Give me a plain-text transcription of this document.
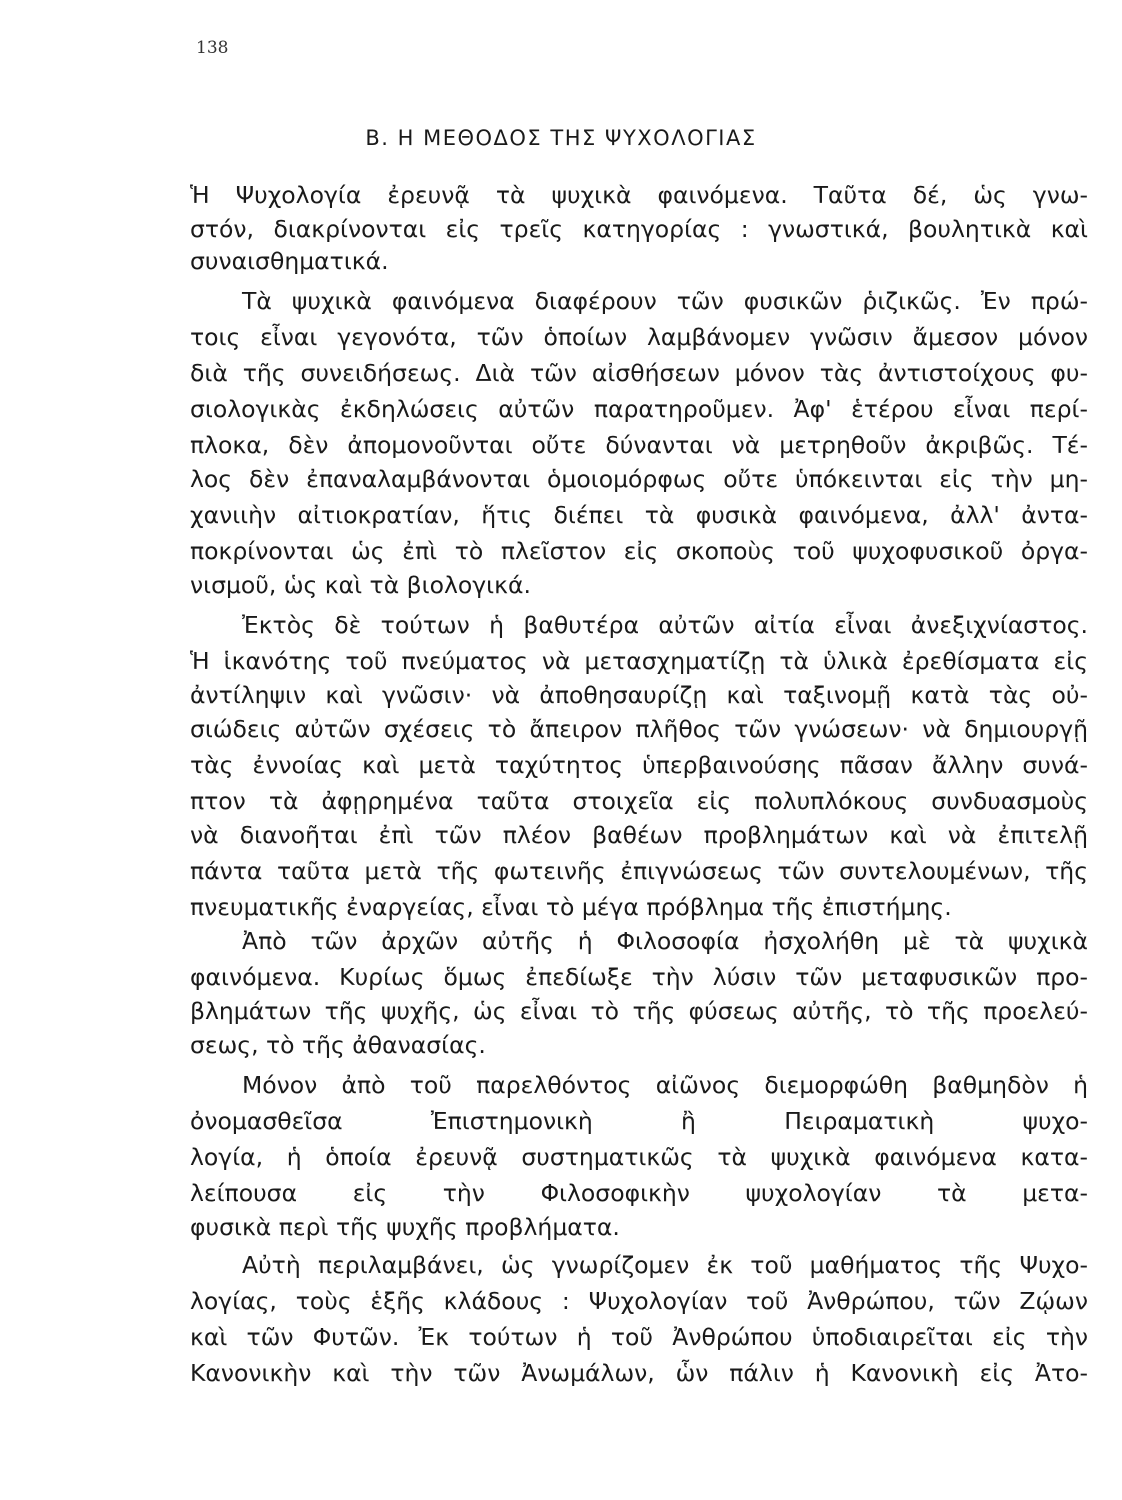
138
B. Η ΜΕΘΟΔΟΣ ΤΗΣ ΨΥΧΟΛΟΓΙΑΣ
Ἡ Ψυχολογία ἐρευνᾷ τὰ ψυχικὰ φαινόμενα. Ταῦτα δέ, ὡς γνω-
στόν, διακρίνονται εἰς τρεῖς κατηγορίας : γνωστικά, βουλητικὰ καὶ
συναισθηματικά.
Τὰ ψυχικὰ φαινόμενα διαφέρουν τῶν φυσικῶν ῥιζικῶς. Ἐν πρώ-
τοις εἶναι γεγονότα, τῶν ὁποίων λαμβάνομεν γνῶσιν ἄμεσον μόνον
διὰ τῆς συνειδήσεως. Διὰ τῶν αἰσθήσεων μόνον τὰς ἀντιστοίχους φυ-
σιολογικὰς ἐκδηλώσεις αὐτῶν παρατηροῦμεν. Ἀφ' ἑτέρου εἶναι περί-
πλοκα, δὲν ἀπομονοῦνται οὔτε δύνανται νὰ μετρηθοῦν ἀκριβῶς. Τέ-
λος δὲν ἐπαναλαμβάνονται ὁμοιομόρφως οὔτε ὑπόκεινται εἰς τὴν μη-
χανιιὴν αἰτιοκρατίαν, ἥτις διέπει τὰ φυσικὰ φαινόμενα, ἀλλ' ἀντα-
ποκρίνονται ὡς ἐπὶ τὸ πλεῖστον εἰς σκοποὺς τοῦ ψυχοφυσικοῦ ὀργα-
νισμοῦ, ὡς καὶ τὰ βιολογικά.
Ἐκτὸς δὲ τούτων ἡ βαθυτέρα αὐτῶν αἰτία εἶναι ἀνεξιχνίαστος.
Ἡ ἱκανότης τοῦ πνεύματος νὰ μετασχηματίζῃ τὰ ὑλικὰ ἐρεθίσματα εἰς
ἀντίληψιν καὶ γνῶσιν· νὰ ἀποθησαυρίζῃ καὶ ταξινομῇ κατὰ τὰς οὐ-
σιώδεις αὐτῶν σχέσεις τὸ ἄπειρον πλῆθος τῶν γνώσεων· νὰ δημιουργῇ
τὰς ἐννοίας καὶ μετὰ ταχύτητος ὑπερβαινούσης πᾶσαν ἄλλην συνά-
πτον τὰ ἀφῃρημένα ταῦτα στοιχεῖα εἰς πολυπλόκους συνδυασμοὺς
νὰ διανοῆται ἐπὶ τῶν πλέον βαθέων προβλημάτων καὶ νὰ ἐπιτελῇ
πάντα ταῦτα μετὰ τῆς φωτεινῆς ἐπιγνώσεως τῶν συντελουμένων, τῆς
πνευματικῆς ἐναργείας, εἶναι τὸ μέγα πρόβλημα τῆς ἐπιστήμης.
Ἀπὸ τῶν ἀρχῶν αὐτῆς ἡ Φιλοσοφία ἠσχολήθη μὲ τὰ ψυχικὰ
φαινόμενα. Κυρίως ὅμως ἐπεδίωξε τὴν λύσιν τῶν μεταφυσικῶν προ-
βλημάτων τῆς ψυχῆς, ὡς εἶναι τὸ τῆς φύσεως αὐτῆς, τὸ τῆς προελεύ-
σεως, τὸ τῆς ἀθανασίας.
Μόνον ἀπὸ τοῦ παρελθόντος αἰῶνος διεμορφώθη βαθμηδὸν ἡ
ὀνομασθεῖσα Ἐπιστημονικὴ ἢ Πειραματικὴ ψυχο-
λογία, ἡ ὁποία ἐρευνᾷ συστηματικῶς τὰ ψυχικὰ φαινόμενα κατα-
λείπουσα εἰς τὴν Φιλοσοφικὴν ψυχολογίαν τὰ μετα-
φυσικὰ περὶ τῆς ψυχῆς προβλήματα.
Αὐτὴ περιλαμβάνει, ὡς γνωρίζομεν ἐκ τοῦ μαθήματος τῆς Ψυχο-
λογίας, τοὺς ἑξῆς κλάδους : Ψυχολογίαν τοῦ Ἀνθρώπου, τῶν Ζῴων
καὶ τῶν Φυτῶν. Ἐκ τούτων ἡ τοῦ Ἀνθρώπου ὑποδιαιρεῖται εἰς τὴν
Κανονικὴν καὶ τὴν τῶν Ἀνωμάλων, ὧν πάλιν ἡ Κανονικὴ εἰς Ἀτο-
